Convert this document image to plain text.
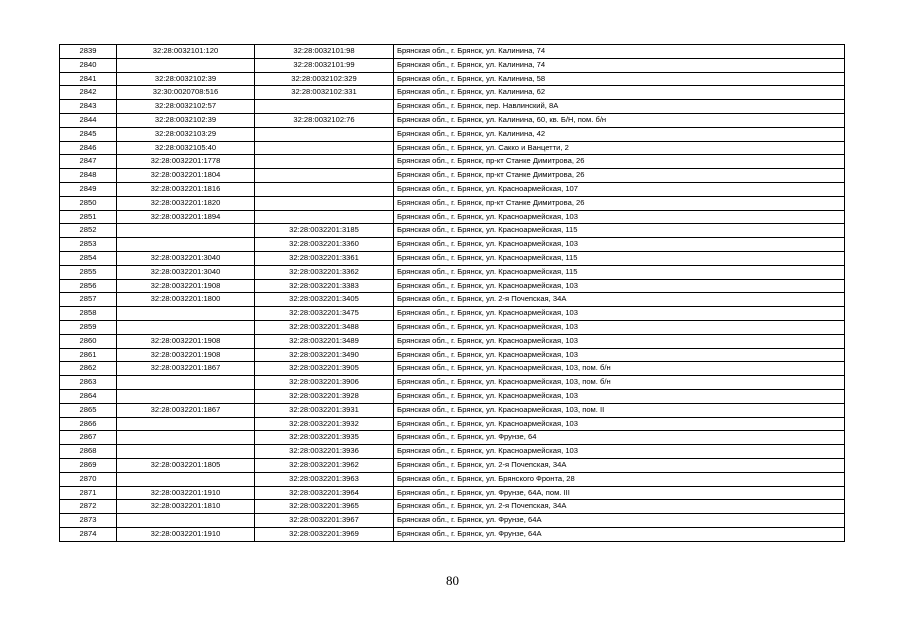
2839	32:28:0032101:120	32:28:0032101:98	Брянская обл., г. Брянск, ул. Калинина, 74
2840		32:28:0032101:99	Брянская обл., г. Брянск, ул. Калинина, 74
2841	32:28:0032102:39	32:28:0032102:329	Брянская обл., г. Брянск, ул. Калинина, 58
2842	32:30:0020708:516	32:28:0032102:331	Брянская обл., г. Брянск, ул. Калинина, 62
2843	32:28:0032102:57		Брянская обл., г. Брянск, пер. Навлинский, 8А
2844	32:28:0032102:39	32:28:0032102:76	Брянская обл., г. Брянск, ул. Калинина, 60, кв. Б/Н, пом. б/н
2845	32:28:0032103:29		Брянская обл., г. Брянск, ул. Калинина, 42
2846	32:28:0032105:40		Брянская обл., г. Брянск, ул. Сакко и Ванцетти, 2
2847	32:28:0032201:1778		Брянская обл., г. Брянск, пр-кт Станке Димитрова, 26
2848	32:28:0032201:1804		Брянская обл., г. Брянск, пр-кт Станке Димитрова, 26
2849	32:28:0032201:1816		Брянская обл., г. Брянск, ул. Красноармейская, 107
2850	32:28:0032201:1820		Брянская обл., г. Брянск, пр-кт Станке Димитрова, 26
2851	32:28:0032201:1894		Брянская обл., г. Брянск, ул. Красноармейская, 103
2852		32:28:0032201:3185	Брянская обл., г. Брянск, ул. Красноармейская, 115
2853		32:28:0032201:3360	Брянская обл., г. Брянск, ул. Красноармейская, 103
2854	32:28:0032201:3040	32:28:0032201:3361	Брянская обл., г. Брянск, ул. Красноармейская, 115
2855	32:28:0032201:3040	32:28:0032201:3362	Брянская обл., г. Брянск, ул. Красноармейская, 115
2856	32:28:0032201:1908	32:28:0032201:3383	Брянская обл., г. Брянск, ул. Красноармейская, 103
2857	32:28:0032201:1800	32:28:0032201:3405	Брянская обл., г. Брянск, ул. 2-я Почепская, 34А
2858		32:28:0032201:3475	Брянская обл., г. Брянск, ул. Красноармейская, 103
2859		32:28:0032201:3488	Брянская обл., г. Брянск, ул. Красноармейская, 103
2860	32:28:0032201:1908	32:28:0032201:3489	Брянская обл., г. Брянск, ул. Красноармейская, 103
2861	32:28:0032201:1908	32:28:0032201:3490	Брянская обл., г. Брянск, ул. Красноармейская, 103
2862	32:28:0032201:1867	32:28:0032201:3905	Брянская обл., г. Брянск, ул. Красноармейская, 103, пом. б/н
2863		32:28:0032201:3906	Брянская обл., г. Брянск, ул. Красноармейская, 103, пом. б/н
2864		32:28:0032201:3928	Брянская обл., г. Брянск, ул. Красноармейская, 103
2865	32:28:0032201:1867	32:28:0032201:3931	Брянская обл., г. Брянск, ул. Красноармейская, 103, пом. II
2866		32:28:0032201:3932	Брянская обл., г. Брянск, ул. Красноармейская, 103
2867		32:28:0032201:3935	Брянская обл., г. Брянск, ул. Фрунзе, 64
2868		32:28:0032201:3936	Брянская обл., г. Брянск, ул. Красноармейская, 103
2869	32:28:0032201:1805	32:28:0032201:3962	Брянская обл., г. Брянск, ул. 2-я Почепская, 34А
2870		32:28:0032201:3963	Брянская обл., г. Брянск, ул. Брянского Фронта, 28
2871	32:28:0032201:1910	32:28:0032201:3964	Брянская обл., г. Брянск, ул. Фрунзе, 64А, пом. III
2872	32:28:0032201:1810	32:28:0032201:3965	Брянская обл., г. Брянск, ул. 2-я Почепская, 34А
2873		32:28:0032201:3967	Брянская обл., г. Брянск, ул. Фрунзе, 64А
2874	32:28:0032201:1910	32:28:0032201:3969	Брянская обл., г. Брянск, ул. Фрунзе, 64А
80
